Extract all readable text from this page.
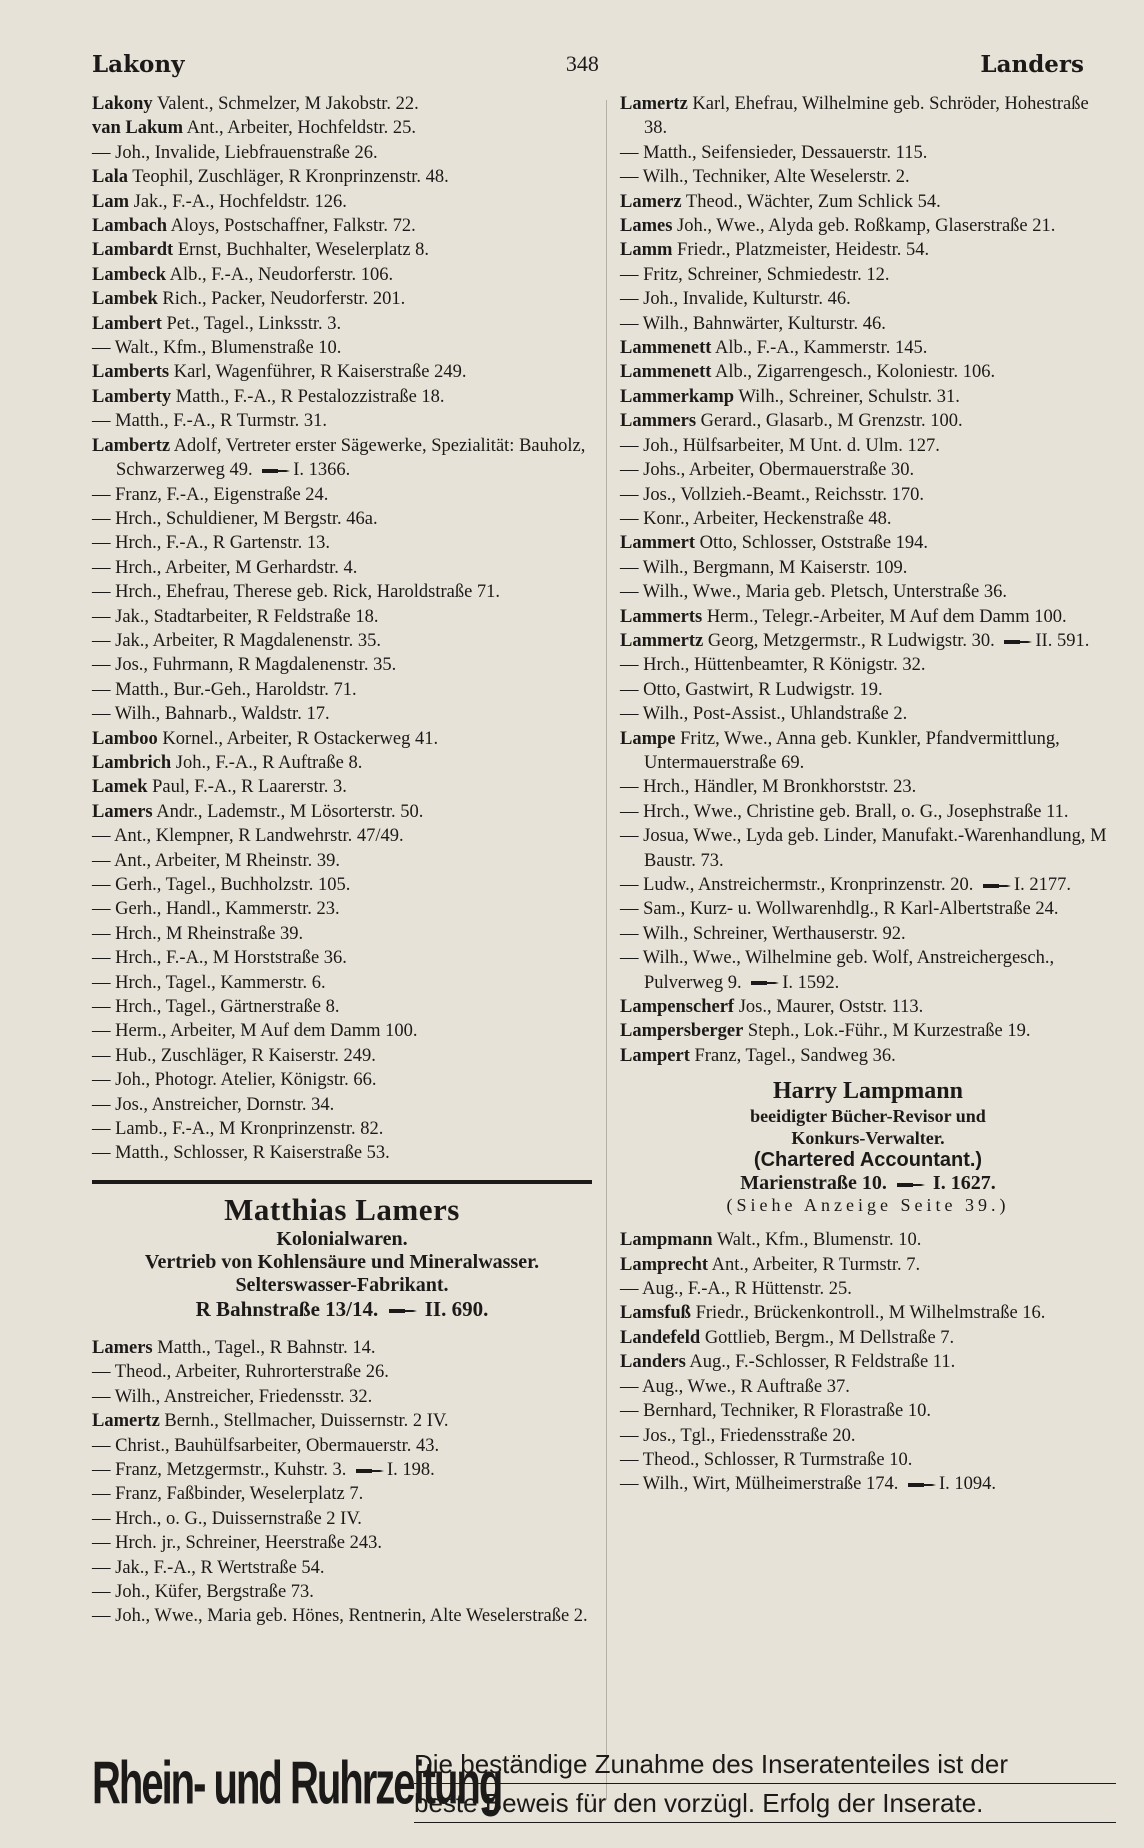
Lakony	348	Landers
Lakony Valent., Schmelzer, M Jakobstr. 22.
van Lakum Ant., Arbeiter, Hochfeldstr. 25.
— Joh., Invalide, Liebfrauenstraße 26.
Lala Teophil, Zuschläger, R Kronprinzenstr. 48.
Lam Jak., F.-A., Hochfeldstr. 126.
Lambach Aloys, Postschaffner, Falkstr. 72.
Lambardt Ernst, Buchhalter, Weselerplatz 8.
Lambeck Alb., F.-A., Neudorferstr. 106.
Lambek Rich., Packer, Neudorferstr. 201.
Lambert Pet., Tagel., Linksstr. 3.
— Walt., Kfm., Blumenstraße 10.
Lamberts Karl, Wagenführer, R Kaiserstraße 249.
Lamberty Matth., F.-A., R Pestalozzistraße 18.
— Matth., F.-A., R Turmstr. 31.
Lambertz Adolf, Vertreter erster Sägewerke, Spezialität: Bauholz, Schwarzerweg 49. I. 1366.
— Franz, F.-A., Eigenstraße 24.
— Hrch., Schuldiener, M Bergstr. 46a.
— Hrch., F.-A., R Gartenstr. 13.
— Hrch., Arbeiter, M Gerhardstr. 4.
— Hrch., Ehefrau, Therese geb. Rick, Haroldstraße 71.
— Jak., Stadtarbeiter, R Feldstraße 18.
— Jak., Arbeiter, R Magdalenenstr. 35.
— Jos., Fuhrmann, R Magdalenenstr. 35.
— Matth., Bur.-Geh., Haroldstr. 71.
— Wilh., Bahnarb., Waldstr. 17.
Lamboo Kornel., Arbeiter, R Ostackerweg 41.
Lambrich Joh., F.-A., R Auftraße 8.
Lamek Paul, F.-A., R Laarerstr. 3.
Lamers Andr., Lademstr., M Lösorterstr. 50.
— Ant., Klempner, R Landwehrstr. 47/49.
— Ant., Arbeiter, M Rheinstr. 39.
— Gerh., Tagel., Buchholzstr. 105.
— Gerh., Handl., Kammerstr. 23.
— Hrch., M Rheinstraße 39.
— Hrch., F.-A., M Horststraße 36.
— Hrch., Tagel., Kammerstr. 6.
— Hrch., Tagel., Gärtnerstraße 8.
— Herm., Arbeiter, M Auf dem Damm 100.
— Hub., Zuschläger, R Kaiserstr. 249.
— Joh., Photogr. Atelier, Königstr. 66.
— Jos., Anstreicher, Dornstr. 34.
— Lamb., F.-A., M Kronprinzenstr. 82.
— Matth., Schlosser, R Kaiserstraße 53.
Matthias Lamers
Kolonialwaren.
Vertrieb von Kohlensäure und Mineralwasser.
Selterswasser-Fabrikant.
R Bahnstraße 13/14. II. 690.
Lamers Matth., Tagel., R Bahnstr. 14.
— Theod., Arbeiter, Ruhrorterstraße 26.
— Wilh., Anstreicher, Friedensstr. 32.
Lamertz Bernh., Stellmacher, Duissernstr. 2 IV.
— Christ., Bauhülfsarbeiter, Obermauerstr. 43.
— Franz, Metzgermstr., Kuhstr. 3. I. 198.
— Franz, Faßbinder, Weselerplatz 7.
— Hrch., o. G., Duissernstraße 2 IV.
— Hrch. jr., Schreiner, Heerstraße 243.
— Jak., F.-A., R Wertstraße 54.
— Joh., Küfer, Bergstraße 73.
— Joh., Wwe., Maria geb. Hönes, Rentnerin, Alte Weselerstraße 2.
Lamertz Karl, Ehefrau, Wilhelmine geb. Schröder, Hohestraße 38.
— Matth., Seifensieder, Dessauerstr. 115.
— Wilh., Techniker, Alte Weselerstr. 2.
Lamerz Theod., Wächter, Zum Schlick 54.
Lames Joh., Wwe., Alyda geb. Roßkamp, Glaserstraße 21.
Lamm Friedr., Platzmeister, Heidestr. 54.
— Fritz, Schreiner, Schmiedestr. 12.
— Joh., Invalide, Kulturstr. 46.
— Wilh., Bahnwärter, Kulturstr. 46.
Lammenett Alb., F.-A., Kammerstr. 145.
Lammenett Alb., Zigarrengesch., Koloniestr. 106.
Lammerkamp Wilh., Schreiner, Schulstr. 31.
Lammers Gerard., Glasarb., M Grenzstr. 100.
— Joh., Hülfsarbeiter, M Unt. d. Ulm. 127.
— Johs., Arbeiter, Obermauerstraße 30.
— Jos., Vollzieh.-Beamt., Reichsstr. 170.
— Konr., Arbeiter, Heckenstraße 48.
Lammert Otto, Schlosser, Oststraße 194.
— Wilh., Bergmann, M Kaiserstr. 109.
— Wilh., Wwe., Maria geb. Pletsch, Unterstraße 36.
Lammerts Herm., Telegr.-Arbeiter, M Auf dem Damm 100.
Lammertz Georg, Metzgermstr., R Ludwigstr. 30. II. 591.
— Hrch., Hüttenbeamter, R Königstr. 32.
— Otto, Gastwirt, R Ludwigstr. 19.
— Wilh., Post-Assist., Uhlandstraße 2.
Lampe Fritz, Wwe., Anna geb. Kunkler, Pfandvermittlung, Untermauerstraße 69.
— Hrch., Händler, M Bronkhorststr. 23.
— Hrch., Wwe., Christine geb. Brall, o. G., Josephstraße 11.
— Josua, Wwe., Lyda geb. Linder, Manufakt.-Warenhandlung, M Baustr. 73.
— Ludw., Anstreichermstr., Kronprinzenstr. 20. I. 2177.
— Sam., Kurz- u. Wollwarenhdlg., R Karl-Albertstraße 24.
— Wilh., Schreiner, Werthauserstr. 92.
— Wilh., Wwe., Wilhelmine geb. Wolf, Anstreichergesch., Pulverweg 9. I. 1592.
Lampenscherf Jos., Maurer, Oststr. 113.
Lampersberger Steph., Lok.-Führ., M Kurzestraße 19.
Lampert Franz, Tagel., Sandweg 36.
Harry Lampmann
beeidigter Bücher-Revisor und
Konkurs-Verwalter.
(Chartered Accountant.)
Marienstraße 10. I. 1627.
(Siehe Anzeige Seite 39.)
Lampmann Walt., Kfm., Blumenstr. 10.
Lamprecht Ant., Arbeiter, R Turmstr. 7.
— Aug., F.-A., R Hüttenstr. 25.
Lamsfuß Friedr., Brückenkontroll., M Wilhelmstraße 16.
Landefeld Gottlieb, Bergm., M Dellstraße 7.
Landers Aug., F.-Schlosser, R Feldstraße 11.
— Aug., Wwe., R Auftraße 37.
— Bernhard, Techniker, R Florastraße 10.
— Jos., Tgl., Friedensstraße 20.
— Theod., Schlosser, R Turmstraße 10.
— Wilh., Wirt, Mülheimerstraße 174. I. 1094.
Rhein- und Ruhrzeitung
Die beständige Zunahme des Inseratenteiles ist der
beste Beweis für den vorzügl. Erfolg der Inserate.
